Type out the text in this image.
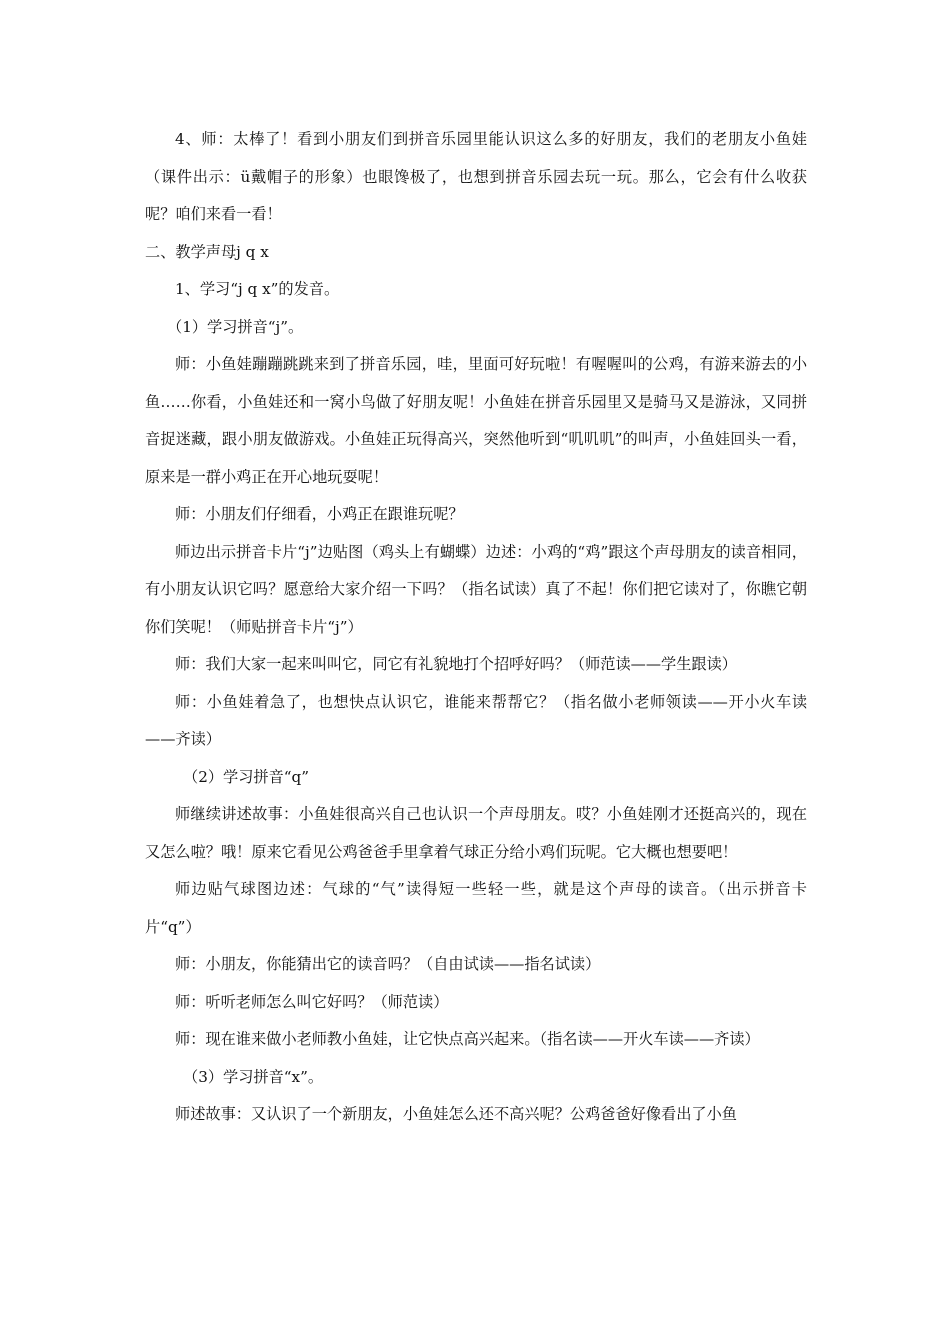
4、师：太棒了！看到小朋友们到拼音乐园里能认识这么多的好朋友，我们的老朋友小鱼娃（课件出示：ü戴帽子的形象）也眼馋极了，也想到拼音乐园去玩一玩。那么，它会有什么收获呢？咱们来看一看！

二、教学声母j q x

1、学习“j q x”的发音。

（1）学习拼音“j”。

师：小鱼娃蹦蹦跳跳来到了拼音乐园，哇，里面可好玩啦！有喔喔叫的公鸡，有游来游去的小鱼……你看，小鱼娃还和一窝小鸟做了好朋友呢！小鱼娃在拼音乐园里又是骑马又是游泳，又同拼音捉迷藏，跟小朋友做游戏。小鱼娃正玩得高兴，突然他听到“叽叽叽”的叫声，小鱼娃回头一看，原来是一群小鸡正在开心地玩耍呢！

师：小朋友们仔细看，小鸡正在跟谁玩呢？

师边出示拼音卡片“j”边贴图（鸡头上有蝴蝶）边述：小鸡的“鸡”跟这个声母朋友的读音相同，有小朋友认识它吗？愿意给大家介绍一下吗？（指名试读）真了不起！你们把它读对了，你瞧它朝你们笑呢！（师贴拼音卡片“j”）

师：我们大家一起来叫叫它，同它有礼貌地打个招呼好吗？（师范读——学生跟读）

师：小鱼娃着急了，也想快点认识它，谁能来帮帮它？（指名做小老师领读——开小火车读——齐读）

（2）学习拼音“q”

师继续讲述故事：小鱼娃很高兴自己也认识一个声母朋友。哎？小鱼娃刚才还挺高兴的，现在又怎么啦？哦！原来它看见公鸡爸爸手里拿着气球正分给小鸡们玩呢。它大概也想要吧！

师边贴气球图边述：气球的“气”读得短一些轻一些，就是这个声母的读音。（出示拼音卡片“q”）

师：小朋友，你能猜出它的读音吗？（自由试读——指名试读）

师：听听老师怎么叫它好吗？（师范读）

师：现在谁来做小老师教小鱼娃，让它快点高兴起来。（指名读——开火车读——齐读）

（3）学习拼音“x”。

师述故事：又认识了一个新朋友，小鱼娃怎么还不高兴呢？公鸡爸爸好像看出了小鱼
